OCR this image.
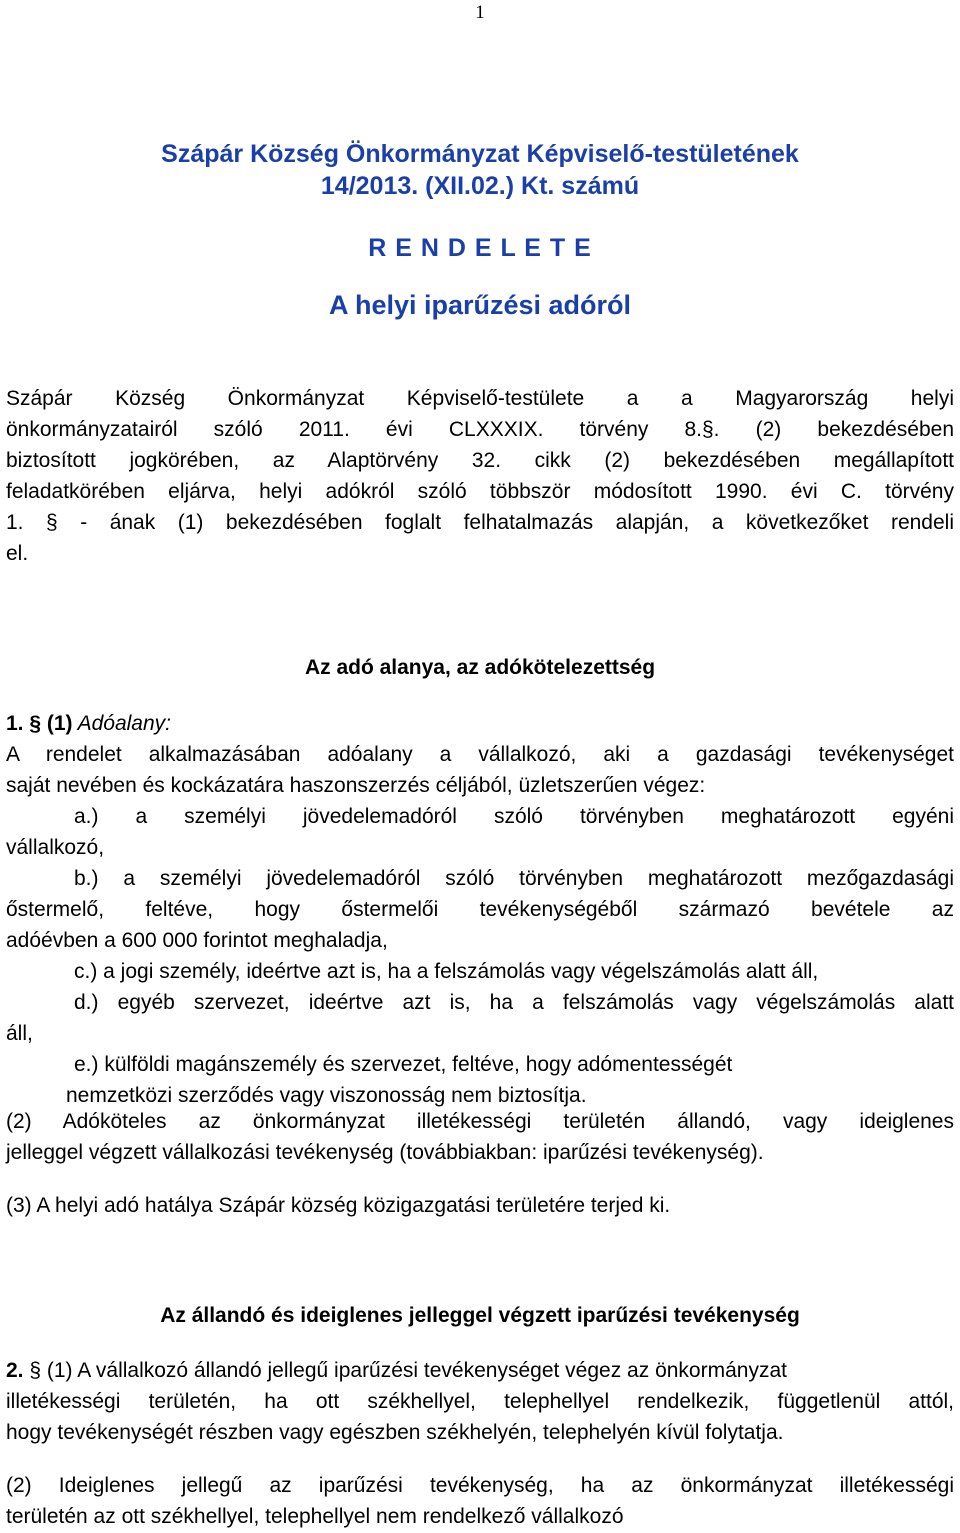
1
Szápár Község Önkormányzat Képviselő-testületének
14/2013. (XII.02.) Kt. számú
R E N D E L E T E
A helyi iparűzési adóról
Szápár Község Önkormányzat Képviselő-testülete a a Magyarország helyi
önkormányzatairól szóló 2011. évi CLXXXIX. törvény 8.§. (2) bekezdésében
biztosított jogkörében, az Alaptörvény 32. cikk (2) bekezdésében megállapított
feladatkörében eljárva, helyi adókról szóló többször módosított 1990. évi C. törvény
1. § - ának (1) bekezdésében foglalt felhatalmazás alapján, a következőket rendeli
el.
Az adó alanya, az adókötelezettség
1. § (1) Adóalany:
A rendelet alkalmazásában adóalany a vállalkozó, aki a gazdasági tevékenységet
saját nevében és kockázatára haszonszerzés céljából, üzletszerűen végez:
a.) a személyi jövedelemadóról szóló törvényben meghatározott egyéni
vállalkozó,
b.) a személyi jövedelemadóról szóló törvényben meghatározott mezőgazdasági
őstermelő, feltéve, hogy őstermelői tevékenységéből származó bevétele az
adóévben a 600 000 forintot meghaladja,
c.) a jogi személy, ideértve azt is, ha a felszámolás vagy végelszámolás alatt áll,
d.) egyéb szervezet, ideértve azt is, ha a felszámolás vagy végelszámolás alatt
áll,
e.) külföldi magánszemély és szervezet, feltéve, hogy adómentességét
nemzetközi szerződés vagy viszonosság nem biztosítja.
(2) Adóköteles az önkormányzat illetékességi területén állandó, vagy ideiglenes
jelleggel végzett vállalkozási tevékenység (továbbiakban: iparűzési tevékenység).
(3) A helyi adó hatálya Szápár község közigazgatási területére terjed ki.
Az állandó és ideiglenes jelleggel végzett iparűzési tevékenység
2. § (1) A vállalkozó állandó jellegű iparűzési tevékenységet végez az önkormányzat
illetékességi területén, ha ott székhellyel, telephellyel rendelkezik, függetlenül attól,
hogy tevékenységét részben vagy egészben székhelyén, telephelyén kívül folytatja.
(2) Ideiglenes jellegű az iparűzési tevékenység, ha az önkormányzat illetékességi
területén az ott székhellyel, telephellyel nem rendelkező vállalkozó
